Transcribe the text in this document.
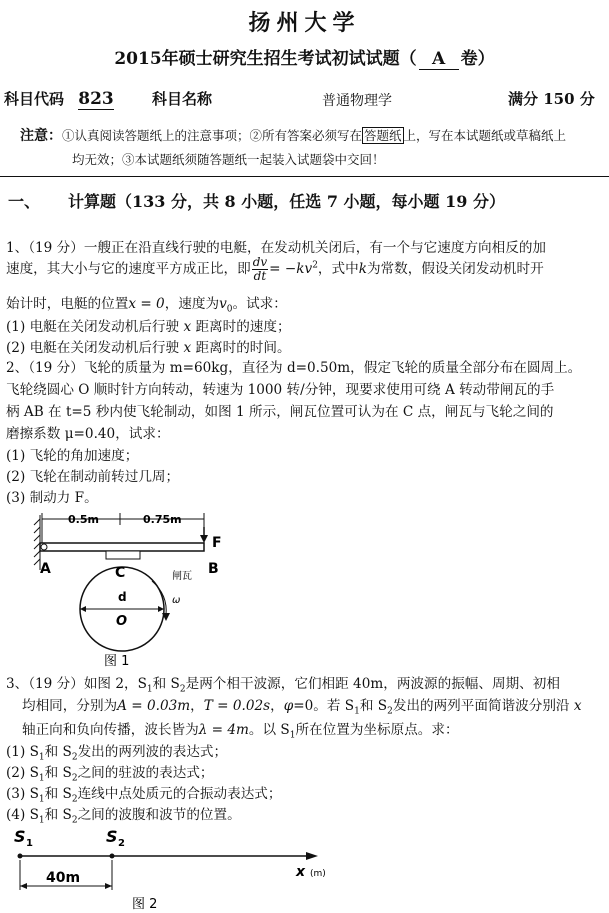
扬州大学
2015年硕士研究生招生考试初试试题（ A 卷）
科目代码 823	科目名称	普通物理学	满分 150 分
注意：①认真阅读答题纸上的注意事项；②所有答案必须写在 答题纸 上，写在本试题纸或草稿纸上
均无效；③本试题纸须随答题纸一起装入试题袋中交回！
一、 计算题（133 分，共 8 小题，任选 7 小题，每小题 19 分）
1、（19 分）一艘正在沿直线行驶的电艇，在发动机关闭后，有一个与它速度方向相反的加
速度，其大小与它的速度平方成正比，即 $\frac{dv}{dt} = -kv^2$，式中k为常数，假设关闭发动机时开
始计时，电艇的位置x = 0，速度为$v_0$。试求：
(1) 电艇在关闭发动机后行驶 x 距离时的速度；
(2) 电艇在关闭发动机后行驶 x 距离时的时间。
2、（19 分）飞轮的质量为 m=60kg，直径为 d=0.50m，假定飞轮的质量全部分布在圆周上。
飞轮绕圆心 O 顺时针方向转动，转速为 1000 转/分钟，现要求使用可绕 A 转动带闸瓦的手
柄 AB 在 t=5 秒内使飞轮制动，如图 1 所示，闸瓦位置可认为在 C 点，闸瓦与飞轮之间的
磨擦系数 μ=0.40，试求：
(1) 飞轮的角加速度；
(2) 飞轮在制动前转过几周；
(3) 制动力 F。
0.5m	0.75m
F
A	B
C	闸瓦
d
O
ω
图 1
3、（19 分）如图 2，$S_1$和 $S_2$是两个相干波源，它们相距 40m，两波源的振幅、周期、初相
均相同，分别为A = 0.03m，T = 0.02s，φ=0。若 $S_1$和 $S_2$发出的两列平面简谐波分别沿 x
轴正向和负向传播，波长皆为λ = 4m。以 $S_1$所在位置为坐标原点。求：
(1) $S_1$和 $S_2$发出的两列波的表达式；
(2) $S_1$和 $S_2$之间的驻波的表达式；
(3) $S_1$和 $S_2$连线中点处质元的合振动表达式；
(4) $S_1$和 $S_2$之间的波腹和波节的位置。
S 1	S 2
x (m)
40m
图 2
